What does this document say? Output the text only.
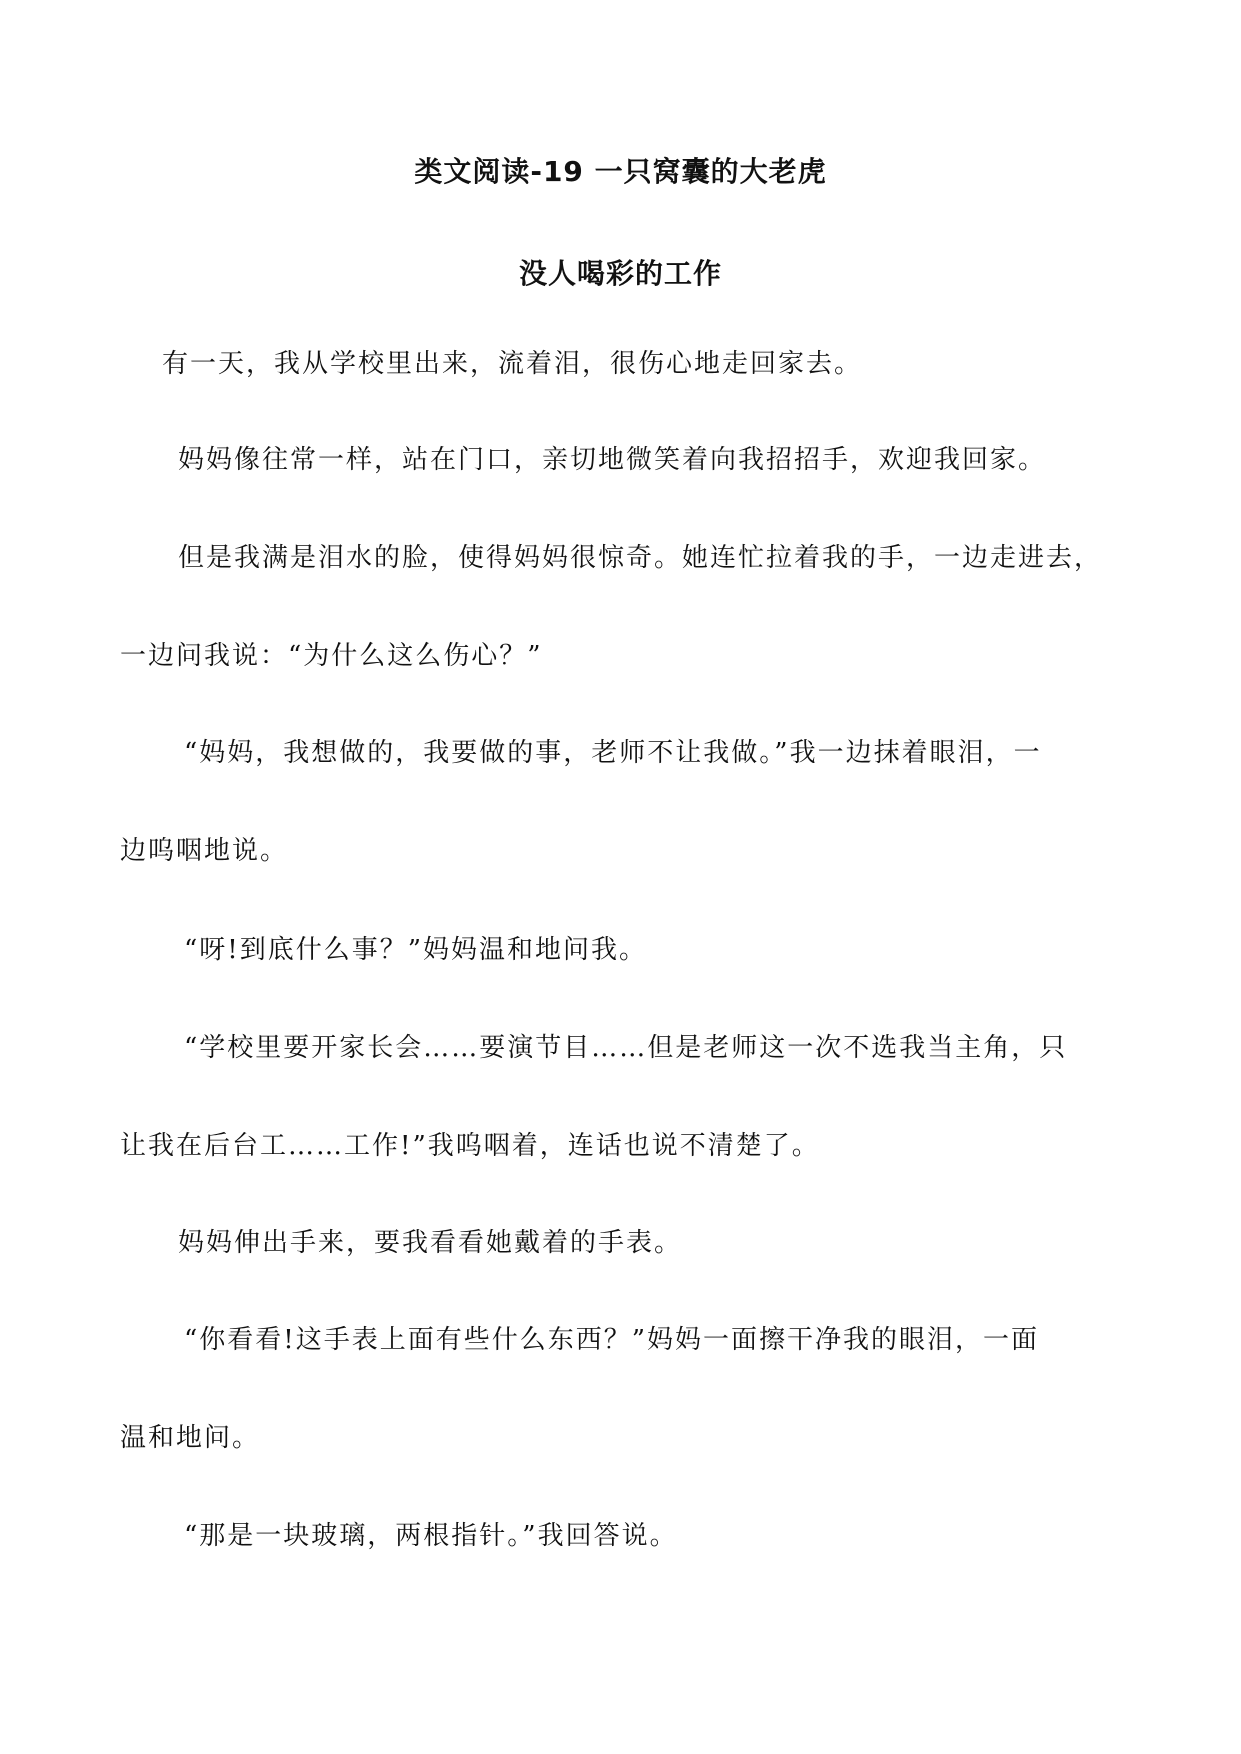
类文阅读-19 一只窝囊的大老虎
没人喝彩的工作
有一天，我从学校里出来，流着泪，很伤心地走回家去。
妈妈像往常一样，站在门口，亲切地微笑着向我招招手，欢迎我回家。
但是我满是泪水的脸，使得妈妈很惊奇。她连忙拉着我的手，一边走进去，
一边问我说：“为什么这么伤心？”
“妈妈，我想做的，我要做的事，老师不让我做。”我一边抹着眼泪，一
边呜咽地说。
“呀!到底什么事？”妈妈温和地问我。
“学校里要开家长会……要演节目……但是老师这一次不选我当主角，只
让我在后台工……工作!”我呜咽着，连话也说不清楚了。
妈妈伸出手来，要我看看她戴着的手表。
“你看看!这手表上面有些什么东西？”妈妈一面擦干净我的眼泪，一面
温和地问。
“那是一块玻璃，两根指针。”我回答说。
